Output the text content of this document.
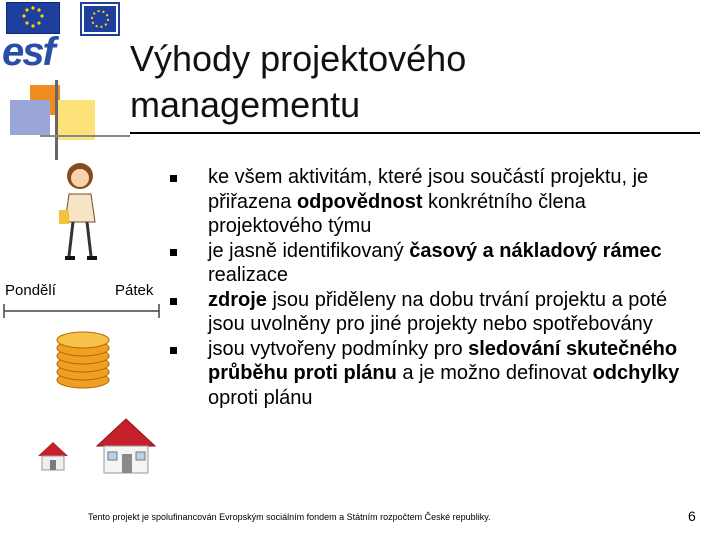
esf Výhody projektového managementu
ke všem aktivitám, které jsou součástí projektu, je přiřazena odpovědnost konkrétního člena projektového týmu
je jasně identifikovaný časový a nákladový rámec realizace
zdroje jsou přiděleny na dobu trvání projektu a poté jsou uvolněny pro jiné projekty nebo spotřebovány
jsou vytvořeny podmínky pro sledování skutečného průběhu proti plánu a je možno definovat odchylky oproti plánu
Pondělí	Pátek
Tento projekt je spolufinancován Evropským sociálním fondem a Státním rozpočtem České republiky.	6
